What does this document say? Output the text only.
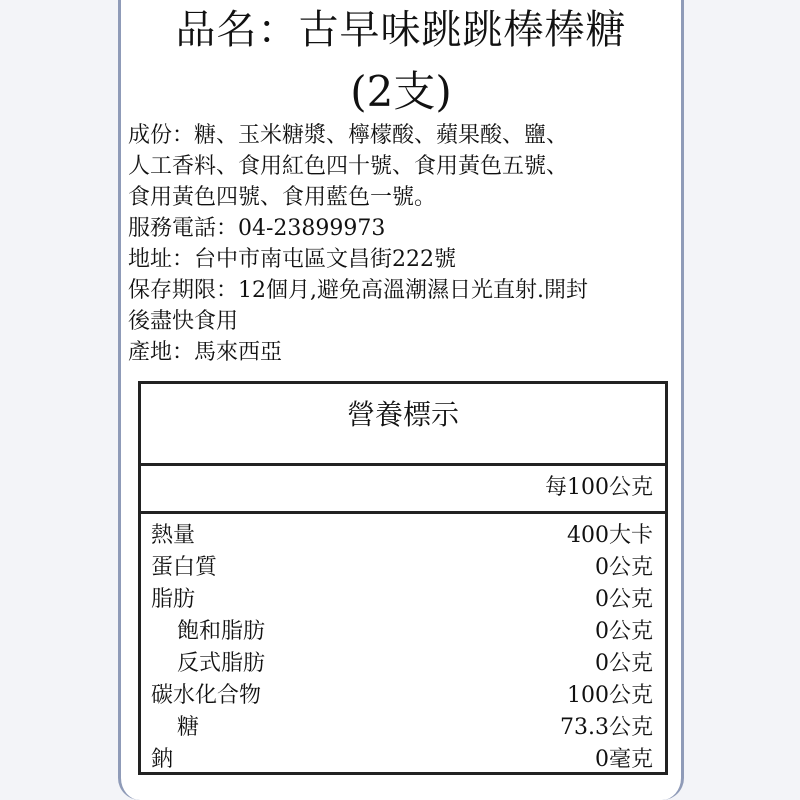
品名：古早味跳跳棒棒糖
(2支)
成份：糖、玉米糖漿、檸檬酸、蘋果酸、鹽、
人工香料、食用紅色四十號、食用黃色五號、
食用黃色四號、食用藍色一號。
服務電話：04-23899973
地址：台中市南屯區文昌街222號
保存期限：12個月,避免高溫潮濕日光直射.開封
後盡快食用
產地：馬來西亞
營養標示
每100公克
熱量	400大卡
蛋白質	0公克
脂肪	0公克
飽和脂肪	0公克
反式脂肪	0公克
碳水化合物	100公克
糖	73.3公克
鈉	0毫克
